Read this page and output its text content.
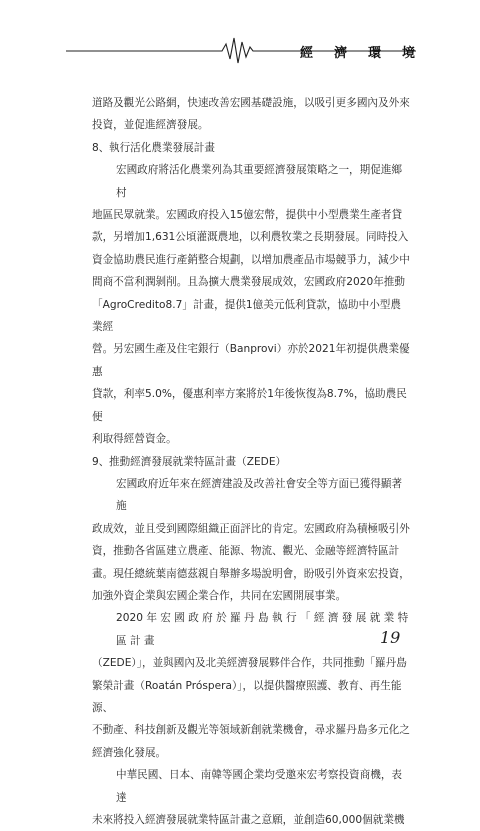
經 濟 環 境

道路及觀光公路網，快速改善宏國基礎設施，以吸引更多國內及外來

投資，並促進經濟發展。

8、執行活化農業發展計畫

宏國政府將活化農業列為其重要經濟發展策略之一，期促進鄉村

地區民眾就業。宏國政府投入15億宏幣，提供中小型農業生產者貸

款，另增加1,631公頃灌溉農地，以利農牧業之長期發展。同時投入

資金協助農民進行產銷整合規劃，以增加農產品市場競爭力，減少中

間商不當利潤剝削。且為擴大農業發展成效，宏國政府2020年推動

「AgroCredito8.7」計畫，提供1億美元低利貸款，協助中小型農業經

營。另宏國生產及住宅銀行（Banprovi）亦於2021年初提供農業優惠

貸款，利率5.0%，優惠利率方案將於1年後恢復為8.7%，協助農民便

利取得經營資金。

9、推動經濟發展就業特區計畫（ZEDE）

宏國政府近年來在經濟建設及改善社會安全等方面已獲得顯著施

政成效，並且受到國際組織正面評比的肯定。宏國政府為積極吸引外

資，推動各省區建立農產、能源、物流、觀光、金融等經濟特區計

畫。現任總統葉南德茲親自舉辦多場說明會，盼吸引外資來宏投資，

加強外資企業與宏國企業合作，共同在宏國開展事業。

2020 年 宏 國 政 府 於 羅 丹 島 執 行 「 經 濟 發 展 就 業 特 區 計 畫

（ZEDE）」，並與國內及北美經濟發展夥伴合作，共同推動「羅丹島

繁榮計畫（Roatán Próspera）」，以提供醫療照護、教育、再生能源、

不動產、科技創新及觀光等領域新創就業機會，尋求羅丹島多元化之

經濟強化發展。

中華民國、日本、南韓等國企業均受邀來宏考察投資商機，表達

未來將投入經濟發展就業特區計畫之意願，並創造60,000個就業機

19
